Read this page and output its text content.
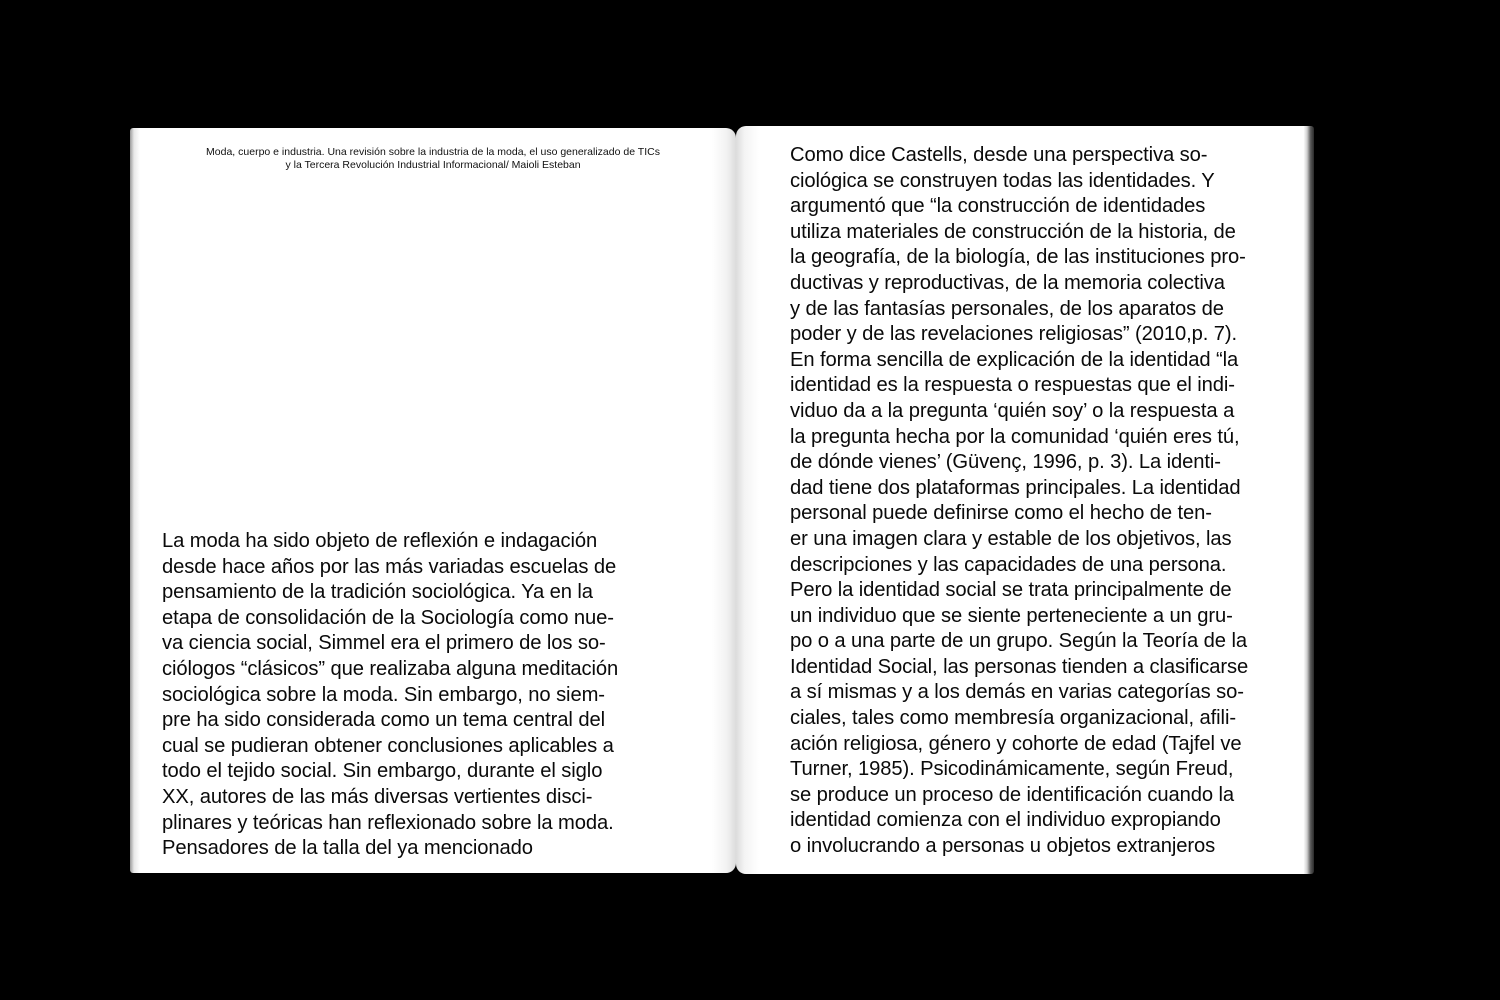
Moda, cuerpo e industria. Una revisión sobre la industria de la moda, el uso generalizado de TICs
y la Tercera Revolución Industrial Informacional/ Maioli Esteban
La moda ha sido objeto de reflexión e indagación
desde hace años por las más variadas escuelas de
pensamiento de la tradición sociológica. Ya en la
etapa de consolidación de la Sociología como nue-
va ciencia social, Simmel era el primero de los so-
ciólogos “clásicos” que realizaba alguna meditación
sociológica sobre la moda. Sin embargo, no siem-
pre ha sido considerada como un tema central del
cual se pudieran obtener conclusiones aplicables a
todo el tejido social. Sin embargo, durante el siglo
XX, autores de las más diversas vertientes disci-
plinares y teóricas han reflexionado sobre la moda.
Pensadores de la talla del ya mencionado
Como dice Castells, desde una perspectiva so-
ciológica se construyen todas las identidades. Y
argumentó que “la construcción de identidades
utiliza materiales de construcción de la historia, de
la geografía, de la biología, de las instituciones pro-
ductivas y reproductivas, de la memoria colectiva
y de las fantasías personales, de los aparatos de
poder y de las revelaciones religiosas” (2010,p. 7).
En forma sencilla de explicación de la identidad “la
identidad es la respuesta o respuestas que el indi-
viduo da a la pregunta ‘quién soy’ o la respuesta a
la pregunta hecha por la comunidad ‘quién eres tú,
de dónde vienes’ (Güvenç, 1996, p. 3). La identi-
dad tiene dos plataformas principales. La identidad
personal puede definirse como el hecho de ten-
er una imagen clara y estable de los objetivos, las
descripciones y las capacidades de una persona.
Pero la identidad social se trata principalmente de
un individuo que se siente perteneciente a un gru-
po o a una parte de un grupo. Según la Teoría de la
Identidad Social, las personas tienden a clasificarse
a sí mismas y a los demás en varias categorías so-
ciales, tales como membresía organizacional, afili-
ación religiosa, género y cohorte de edad (Tajfel ve
Turner, 1985). Psicodinámicamente, según Freud,
se produce un proceso de identificación cuando la
identidad comienza con el individuo expropiando
o involucrando a personas u objetos extranjeros
